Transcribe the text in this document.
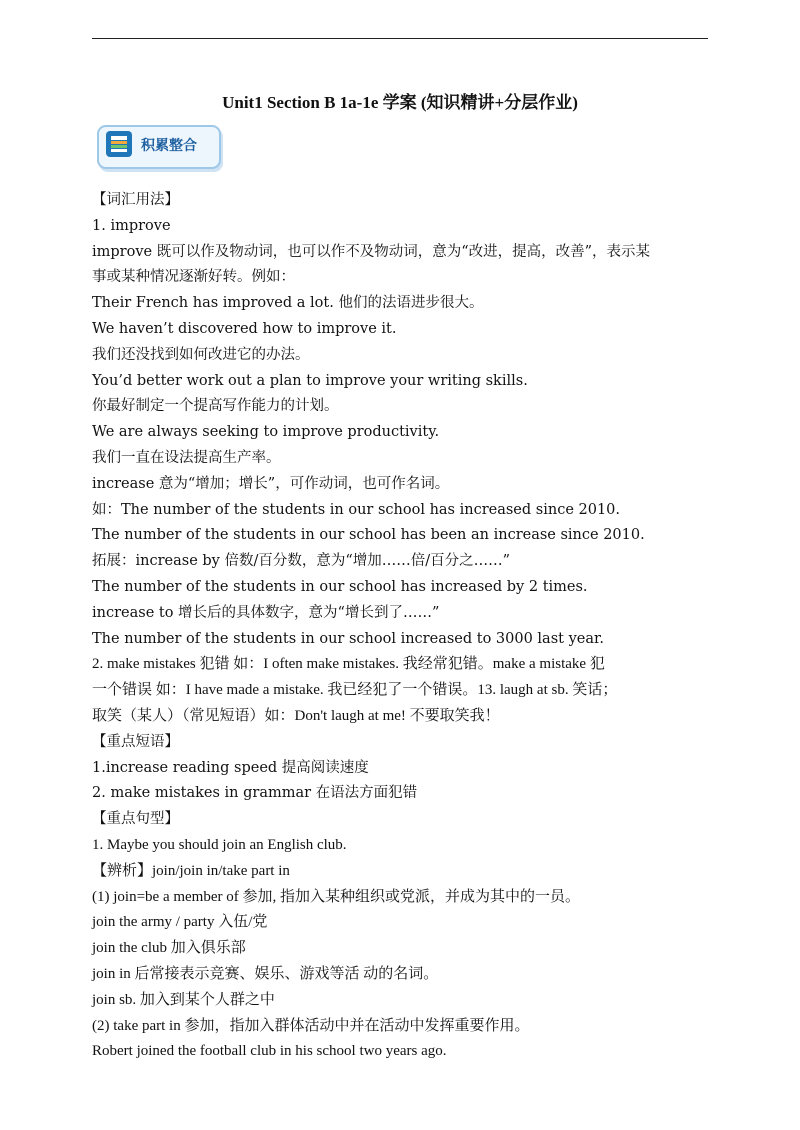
Unit1 Section B 1a-1e 学案 (知识精讲+分层作业)
积累整合
【词汇用法】
1. improve
improve 既可以作及物动词，也可以作不及物动词，意为“改进，提高，改善”，表示某
事或某种情况逐渐好转。例如：
Their French has improved a lot. 他们的法语进步很大。
We haven’t discovered how to improve it.
我们还没找到如何改进它的办法。
You’d better work out a plan to improve your writing skills.
你最好制定一个提高写作能力的计划。
We are always seeking to improve productivity.
我们一直在设法提高生产率。
increase 意为“增加；增长”，可作动词，也可作名词。
如：The number of the students in our school has increased since 2010.
The number of the students in our school has been an increase since 2010.
拓展：increase by 倍数/百分数，意为“增加……倍/百分之……”
The number of the students in our school has increased by 2 times.
increase to 增长后的具体数字，意为“增长到了……”
The number of the students in our school increased to 3000 last year.
2. make mistakes 犯错 如：I often make mistakes. 我经常犯错。make a mistake 犯
一个错误 如：I have made a mistake. 我已经犯了一个错误。13. laugh at sb. 笑话；
取笑（某人）（常见短语）如：Don't laugh at me! 不要取笑我！
【重点短语】
1.increase reading speed 提高阅读速度
2. make mistakes in grammar 在语法方面犯错
【重点句型】
1. Maybe you should join an English club.
【辨析】join/join in/take part in
(1) join=be a member of 参加, 指加入某种组织或党派，并成为其中的一员。
join the army / party 入伍/党
join the club 加入俱乐部
join in 后常接表示竞赛、娱乐、游戏等活 动的名词。
join sb. 加入到某个人群之中
(2) take part in 参加，指加入群体活动中并在活动中发挥重要作用。
Robert joined the football club in his school two years ago.
